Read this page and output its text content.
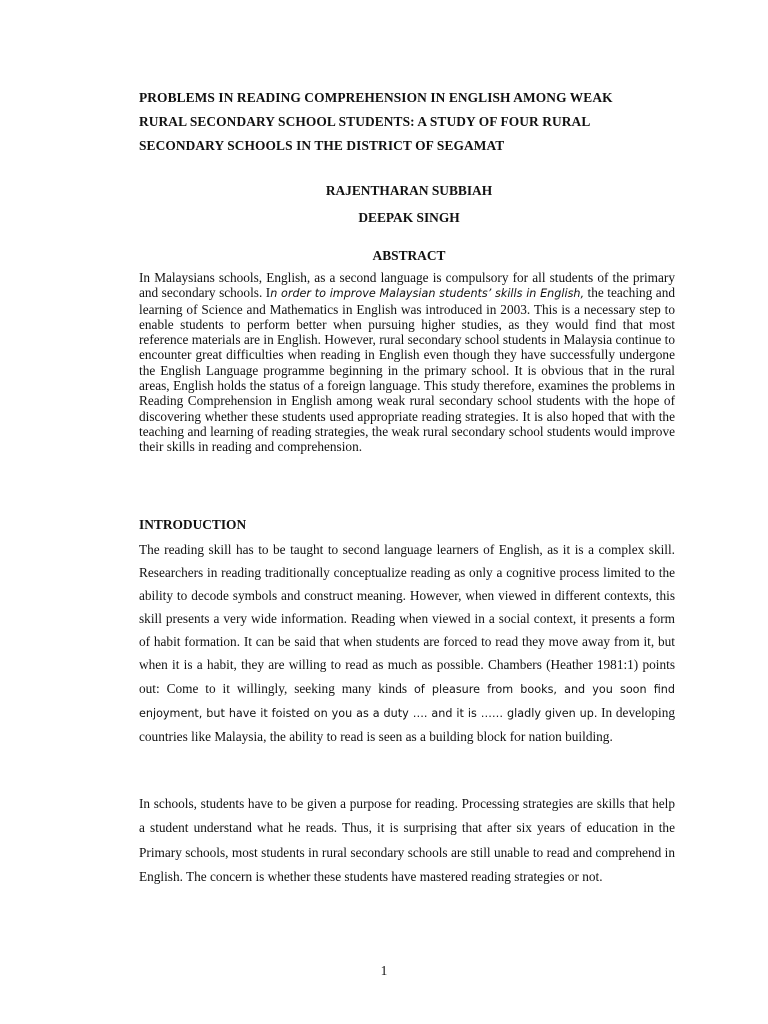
PROBLEMS IN READING COMPREHENSION IN ENGLISH AMONG WEAK
RURAL SECONDARY SCHOOL STUDENTS: A STUDY OF FOUR RURAL
SECONDARY SCHOOLS IN THE DISTRICT OF SEGAMAT
RAJENTHARAN SUBBIAH
DEEPAK SINGH
ABSTRACT
In Malaysians schools, English, as a second language is compulsory for all students of the primary and secondary schools. In order to improve Malaysian students’ skills in English, the teaching and learning of Science and Mathematics in English was introduced in 2003. This is a necessary step to enable students to perform better when pursuing higher studies, as they would find that most reference materials are in English. However, rural secondary school students in Malaysia continue to encounter great difficulties when reading in English even though they have successfully undergone the English Language programme beginning in the primary school. It is obvious that in the rural areas, English holds the status of a foreign language. This study therefore, examines the problems in Reading Comprehension in English among weak rural secondary school students with the hope of discovering whether these students used appropriate reading strategies. It is also hoped that with the teaching and learning of reading strategies, the weak rural secondary school students would improve their skills in reading and comprehension.
INTRODUCTION
The reading skill has to be taught to second language learners of English, as it is a complex skill. Researchers in reading traditionally conceptualize reading as only a cognitive process limited to the ability to decode symbols and construct meaning. However, when viewed in different contexts, this skill presents a very wide information. Reading when viewed in a social context, it presents a form of habit formation. It can be said that when students are forced to read they move away from it, but when it is a habit, they are willing to read as much as possible. Chambers (Heather 1981:1) points out: Come to it willingly, seeking many kinds of pleasure from books, and you soon find enjoyment, but have it foisted on you as a duty …. and it is …… gladly given up. In developing countries like Malaysia, the ability to read is seen as a building block for nation building.
In schools, students have to be given a purpose for reading. Processing strategies are skills that help a student understand what he reads. Thus, it is surprising that after six years of education in the Primary schools, most students in rural secondary schools are still unable to read and comprehend in English. The concern is whether these students have mastered reading strategies or not.
1
